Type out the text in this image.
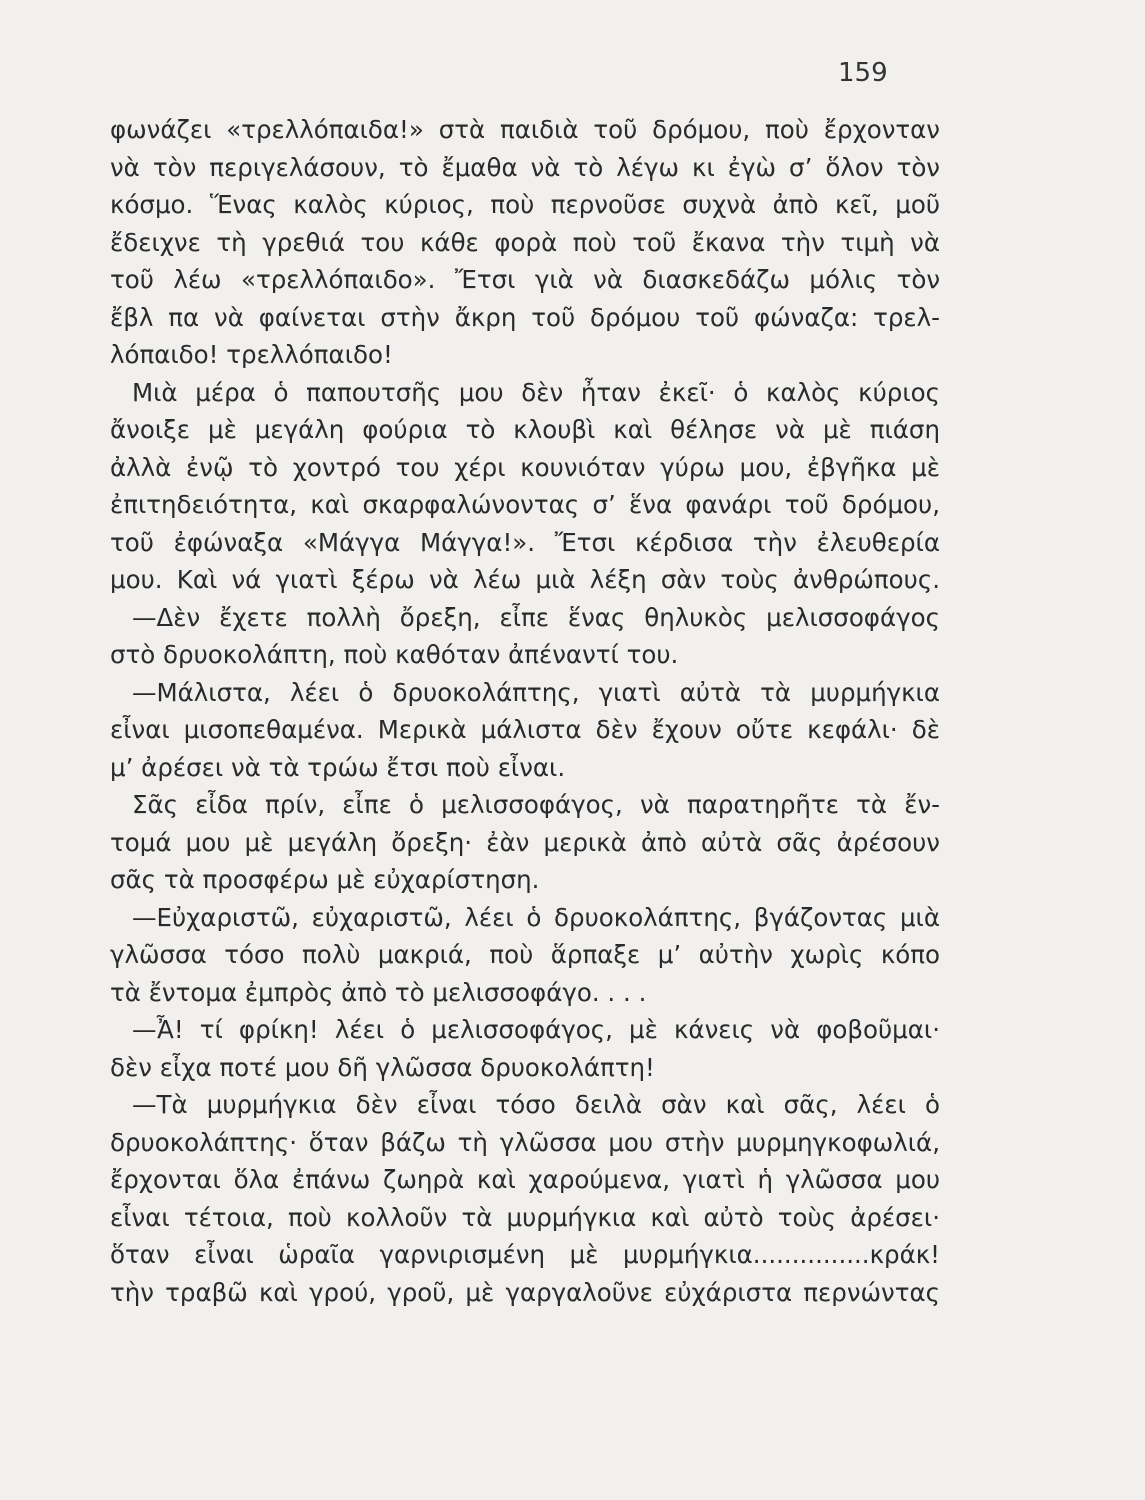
159
φωνάζει «τρελλόπαιδα!» στὰ παιδιὰ τοῦ δρόμου, ποὺ ἔρχονταν
νὰ τὸν περιγελάσουν, τὸ ἔμαθα νὰ τὸ λέγω κι ἐγὼ σ’ ὅλον τὸν
κόσμο. Ἕνας καλὸς κύριος, ποὺ περνοῦσε συχνὰ ἀπὸ κεῖ, μοῦ
ἔδειχνε τὴ γρεθιά του κάθε φορὰ ποὺ τοῦ ἔκανα τὴν τιμὴ νὰ
τοῦ λέω «τρελλόπαιδο». Ἔτσι γιὰ νὰ διασκεδάζω μόλις τὸν
ἔβλ πα νὰ φαίνεται στὴν ἄκρη τοῦ δρόμου τοῦ φώναζα: τρελ-
λόπαιδο! τρελλόπαιδο!
Μιὰ μέρα ὁ παπουτσῆς μου δὲν ἦταν ἐκεῖ· ὁ καλὸς κύριος
ἄνοιξε μὲ μεγάλη φούρια τὸ κλουβὶ καὶ θέλησε νὰ μὲ πιάση
ἀλλὰ ἐνῷ τὸ χοντρό του χέρι κουνιόταν γύρω μου, ἐβγῆκα μὲ
ἐπιτηδειότητα, καὶ σκαρφαλώνοντας σ’ ἕνα φανάρι τοῦ δρόμου,
τοῦ ἐφώναξα «Μάγγα Μάγγα!». Ἔτσι κέρδισα τὴν ἐλευθερία
μου. Καὶ νά γιατὶ ξέρω νὰ λέω μιὰ λέξη σὰν τοὺς ἀνθρώπους.
—Δὲν ἔχετε πολλὴ ὄρεξη, εἶπε ἕνας θηλυκὸς μελισσοφάγος
στὸ δρυοκολάπτη, ποὺ καθόταν ἀπέναντί του.
—Μάλιστα, λέει ὁ δρυοκολάπτης, γιατὶ αὐτὰ τὰ μυρμήγκια
εἶναι μισοπεθαμένα. Μερικὰ μάλιστα δὲν ἔχουν οὔτε κεφάλι· δὲ
μ’ ἀρέσει νὰ τὰ τρώω ἔτσι ποὺ εἶναι.
Σᾶς εἶδα πρίν, εἶπε ὁ μελισσοφάγος, νὰ παρατηρῆτε τὰ ἔν-
τομά μου μὲ μεγάλη ὄρεξη· ἐὰν μερικὰ ἀπὸ αὐτὰ σᾶς ἀρέσουν
σᾶς τὰ προσφέρω μὲ εὐχαρίστηση.
—Εὐχαριστῶ, εὐχαριστῶ, λέει ὁ δρυοκολάπτης, βγάζοντας μιὰ
γλῶσσα τόσο πολὺ μακριά, ποὺ ἅρπαξε μ’ αὐτὴν χωρὶς κόπο
τὰ ἔντομα ἐμπρὸς ἀπὸ τὸ μελισσοφάγο. . . .
—Ἆ! τί φρίκη! λέει ὁ μελισσοφάγος, μὲ κάνεις νὰ φοβοῦμαι·
δὲν εἶχα ποτέ μου δῆ γλῶσσα δρυοκολάπτη!
—Τὰ μυρμήγκια δὲν εἶναι τόσο δειλὰ σὰν καὶ σᾶς, λέει ὁ
δρυοκολάπτης· ὅταν βάζω τὴ γλῶσσα μου στὴν μυρμηγκοφωλιά,
ἔρχονται ὅλα ἐπάνω ζωηρὰ καὶ χαρούμενα, γιατὶ ἡ γλῶσσα μου
εἶναι τέτοια, ποὺ κολλοῦν τὰ μυρμήγκια καὶ αὐτὸ τοὺς ἀρέσει·
ὅταν εἶναι ὡραῖα γαρνιρισμένη μὲ μυρμήγκια...............κράκ!
τὴν τραβῶ καὶ γρού, γροῦ, μὲ γαργαλοῦνε εὐχάριστα περνώντας
